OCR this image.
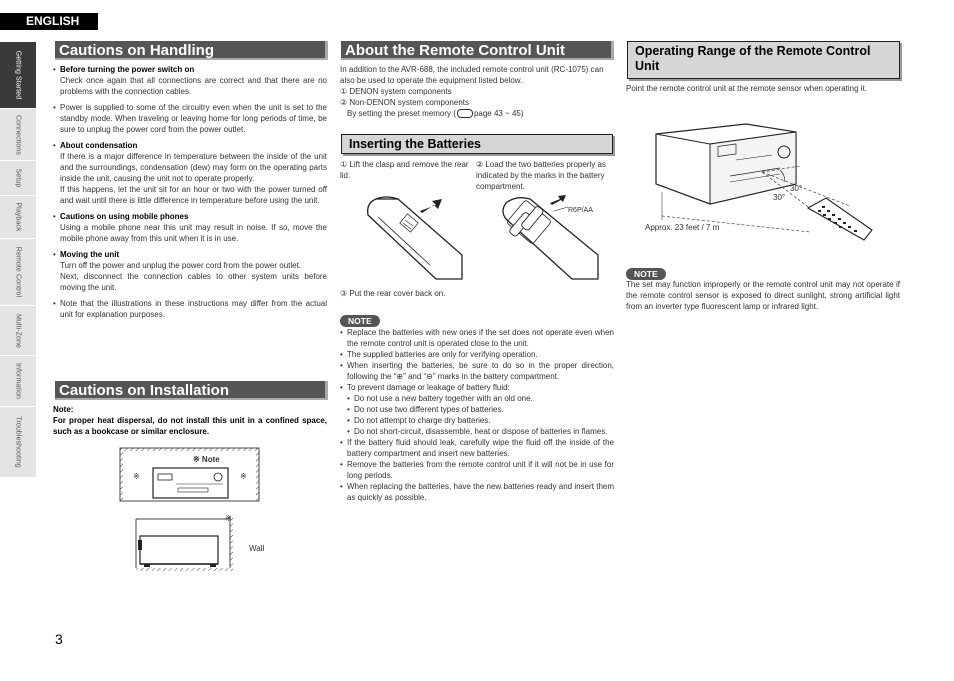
ENGLISH
Getting Started
Connections
Setup
Playback
Remote Control
Multi-Zone
Information
Troubleshooting
Cautions on Handling
• Before turning the power switch on

Check once again that all connections are correct and that there are no problems with the connection cables.

• Power is supplied to some of the circuitry even when the unit is set to the standby mode. When traveling or leaving home for long periods of time, be sure to unplug the power cord from the power outlet.
• About condensation

If there is a major difference in temperature between the inside of the unit and the surroundings, condensation (dew) may form on the operating parts inside the unit, causing the unit not to operate properly.

If this happens, let the unit sit for an hour or two with the power turned off and wait until there is little difference in temperature before using the unit.

• Cautions on using mobile phones

Using a mobile phone near this unit may result in noise. If so, move the mobile phone away from this unit when it is in use.

• Moving the unit

Turn off the power and unplug the power cord from the power outlet.

Next, disconnect the connection cables to other system units before moving the unit.

• Note that the illustrations in these instructions may differ from the actual unit for explanation purposes.
Cautions on Installation

Note:

For proper heat dispersal, do not install this unit in a confined space, such as a bookcase or similar enclosure.

※ Note
※	※
※
Wall
About the Remote Control Unit

In addition to the AVR-688, the included remote control unit (RC-1075) can also be used to operate the equipment listed below.

① DENON system components

② Non-DENON system components

By setting the preset memory ( page 43 ~ 45)

Inserting the Batteries
① Lift the clasp and remove the rear lid.
② Load the two batteries properly as indicated by the marks in the battery compartment.
R6P/AA
③ Put the rear cover back on.
NOTE
• Replace the batteries with new ones if the set does not operate even when the remote control unit is operated close to the unit.
• The supplied batteries are only for verifying operation.
• When inserting the batteries, be sure to do so in the proper direction, following the “⊕” and “⊖” marks in the battery compartment.
• To prevent damage or leakage of battery fluid:
• Do not use a new battery together with an old one.
• Do not use two different types of batteries.
• Do not attempt to charge dry batteries.
• Do not short-circuit, disassemble, heat or dispose of batteries in flames.
• If the battery fluid should leak, carefully wipe the fluid off the inside of the battery compartment and insert new batteries.
• Remove the batteries from the remote control unit if it will not be in use for long periods.
• When replacing the batteries, have the new batteries ready and insert them as quickly as possible.
Operating Range of the Remote Control Unit
Point the remote control unit at the remote sensor when operating it.
30°
30°
Approx. 23 feet / 7 m
NOTE
The set may function improperly or the remote control unit may not operate if the remote control sensor is exposed to direct sunlight, strong artificial light from an inverter type fluorescent lamp or infrared light.
3
